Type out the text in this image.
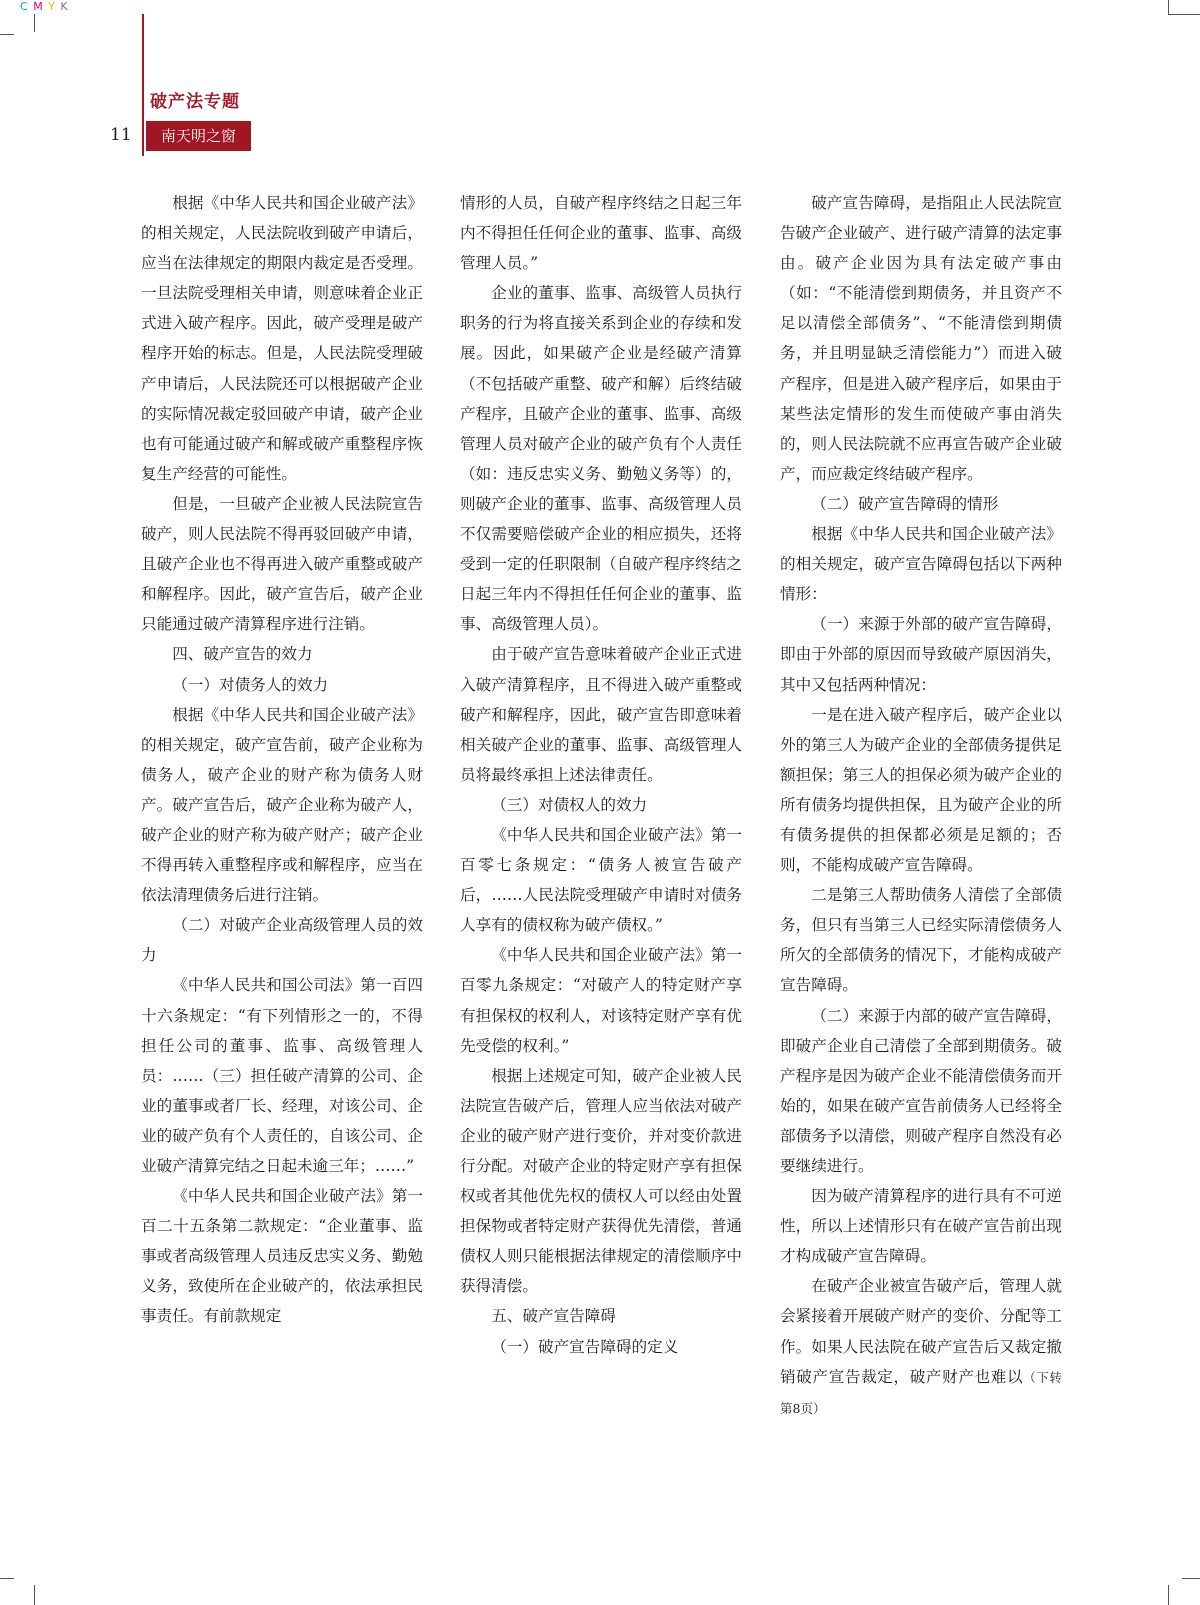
C M Y K
破产法专题
11	南天明之窗

根据《中华人民共和国企业破产法》的相关规定，人民法院收到破产申请后，应当在法律规定的期限内裁定是否受理。一旦法院受理相关申请，则意味着企业正式进入破产程序。因此，破产受理是破产程序开始的标志。但是，人民法院受理破产申请后，人民法院还可以根据破产企业的实际情况裁定驳回破产申请，破产企业也有可能通过破产和解或破产重整程序恢复生产经营的可能性。

但是，一旦破产企业被人民法院宣告破产，则人民法院不得再驳回破产申请，且破产企业也不得再进入破产重整或破产和解程序。因此，破产宣告后，破产企业只能通过破产清算程序进行注销。

四、破产宣告的效力

（一）对债务人的效力

根据《中华人民共和国企业破产法》的相关规定，破产宣告前，破产企业称为债务人，破产企业的财产称为债务人财产。破产宣告后，破产企业称为破产人，破产企业的财产称为破产财产；破产企业不得再转入重整程序或和解程序，应当在依法清理债务后进行注销。

（二）对破产企业高级管理人员的效力

《中华人民共和国公司法》第一百四十六条规定：“有下列情形之一的，不得担任公司的董事、监事、高级管理人员：……（三）担任破产清算的公司、企业的董事或者厂长、经理，对该公司、企业的破产负有个人责任的，自该公司、企业破产清算完结之日起未逾三年；……”

《中华人民共和国企业破产法》第一百二十五条第二款规定：“企业董事、监事或者高级管理人员违反忠实义务、勤勉义务，致使所在企业破产的，依法承担民事责任。有前款规定

情形的人员，自破产程序终结之日起三年内不得担任任何企业的董事、监事、高级管理人员。”

企业的董事、监事、高级管人员执行职务的行为将直接关系到企业的存续和发展。因此，如果破产企业是经破产清算（不包括破产重整、破产和解）后终结破产程序，且破产企业的董事、监事、高级管理人员对破产企业的破产负有个人责任（如：违反忠实义务、勤勉义务等）的，则破产企业的董事、监事、高级管理人员不仅需要赔偿破产企业的相应损失，还将受到一定的任职限制（自破产程序终结之日起三年内不得担任任何企业的董事、监事、高级管理人员）。

由于破产宣告意味着破产企业正式进入破产清算程序，且不得进入破产重整或破产和解程序，因此，破产宣告即意味着相关破产企业的董事、监事、高级管理人员将最终承担上述法律责任。

（三）对债权人的效力

《中华人民共和国企业破产法》第一百零七条规定：“债务人被宣告破产后，……人民法院受理破产申请时对债务人享有的债权称为破产债权。”

《中华人民共和国企业破产法》第一百零九条规定：“对破产人的特定财产享有担保权的权利人，对该特定财产享有优先受偿的权利。”

根据上述规定可知，破产企业被人民法院宣告破产后，管理人应当依法对破产企业的破产财产进行变价，并对变价款进行分配。对破产企业的特定财产享有担保权或者其他优先权的债权人可以经由处置担保物或者特定财产获得优先清偿，普通债权人则只能根据法律规定的清偿顺序中获得清偿。

五、破产宣告障碍

（一）破产宣告障碍的定义

破产宣告障碍，是指阻止人民法院宣告破产企业破产、进行破产清算的法定事由。破产企业因为具有法定破产事由（如：“不能清偿到期债务，并且资产不足以清偿全部债务”、“不能清偿到期债务，并且明显缺乏清偿能力”）而进入破产程序，但是进入破产程序后，如果由于某些法定情形的发生而使破产事由消失的，则人民法院就不应再宣告破产企业破产，而应裁定终结破产程序。

（二）破产宣告障碍的情形

根据《中华人民共和国企业破产法》的相关规定，破产宣告障碍包括以下两种情形：

（一）来源于外部的破产宣告障碍，即由于外部的原因而导致破产原因消失，其中又包括两种情况：

一是在进入破产程序后，破产企业以外的第三人为破产企业的全部债务提供足额担保；第三人的担保必须为破产企业的所有债务均提供担保，且为破产企业的所有债务提供的担保都必须是足额的；否则，不能构成破产宣告障碍。

二是第三人帮助债务人清偿了全部债务，但只有当第三人已经实际清偿债务人所欠的全部债务的情况下，才能构成破产宣告障碍。

（二）来源于内部的破产宣告障碍，即破产企业自己清偿了全部到期债务。破产程序是因为破产企业不能清偿债务而开始的，如果在破产宣告前债务人已经将全部债务予以清偿，则破产程序自然没有必要继续进行。

因为破产清算程序的进行具有不可逆性，所以上述情形只有在破产宣告前出现才构成破产宣告障碍。

在破产企业被宣告破产后，管理人就会紧接着开展破产财产的变价、分配等工作。如果人民法院在破产宣告后又裁定撤销破产宣告裁定，破产财产也难以（下转第8页）
